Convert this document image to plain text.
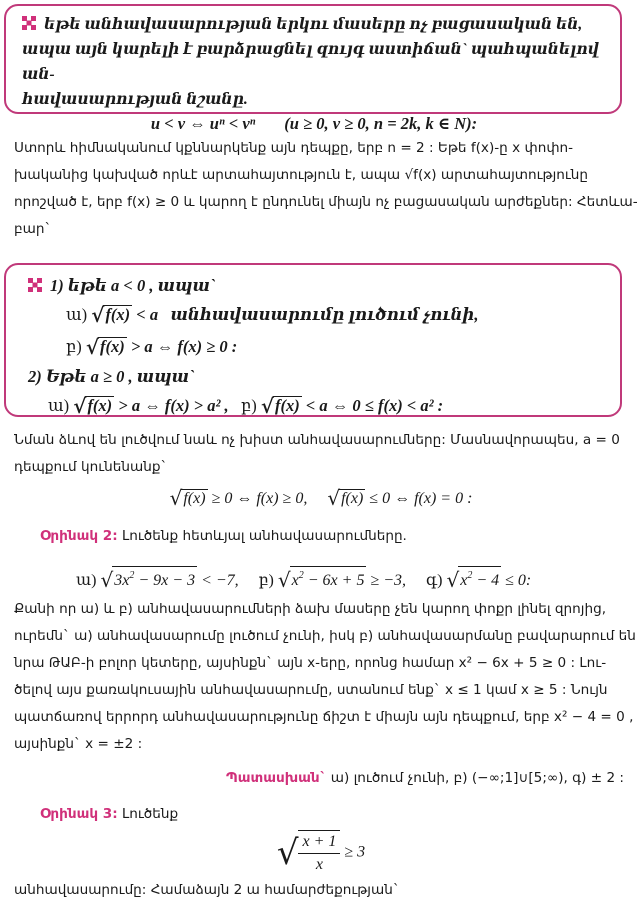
եթե անհավասարության երկու մասերը ոչ բացասական են,
ապա այն կարելի է բարձրացնել զույգ աստիճան` պահպանելով ան-
հավասարության նշանը.
u < v ⇔ uⁿ < vⁿ (u ≥ 0, v ≥ 0, n = 2k, k ∈ N):
Ստորև հիմնականում կքննարկենք այն դեպքը, երբ n = 2 : Եթե f(x)-ը x փոփո-
խականից կախված որևէ արտահայտություն է, ապա √f(x) արտահայտությունը
որոշված է, երբ f(x) ≥ 0 և կարող է ընդունել միայն ոչ բացասական արժեքներ: Հետևա-
բար`
1) եթե a < 0 , ապա`
ա) √f(x) < a   անհավասարումը լուծում չունի,
բ) √f(x) > a ⇔ f(x) ≥ 0 :
2) Եթե a ≥ 0 , ապա`
ա) √f(x) > a ⇔ f(x) > a² , բ) √f(x) < a ⇔ 0 ≤ f(x) < a² :
Նման ձևով են լուծվում նաև ոչ խիստ անհավասարումները: Մասնավորապես, a = 0
դեպքում կունենանք`
√f(x) ≥ 0 ⇔ f(x) ≥ 0, √f(x) ≤ 0 ⇔ f(x) = 0 :
Օրինակ 2: Լուծենք հետևյալ անհավասարումները.
ա) $√3x^2 - 9x - 3 < -7$, բ) $√x^2 - 6x + 5 \ge -3$, գ) $√x^2 - 4 \le 0$:
Քանի որ ա) և բ) անհավասարումների ձախ մասերը չեն կարող փոքր լինել զրոյից,
ուրեմն` ա) անհավասարումը լուծում չունի, իսկ բ) անհավասարմանը բավարարում են
նրա ԹԱԲ-ի բոլոր կետերը, այսինքն` այն x-երը, որոնց համար x² − 6x + 5 ≥ 0 : Լու-
ծելով այս քառակուսային անհավասարումը, ստանում ենք` x ≤ 1 կամ x ≥ 5 : Նույն
պատճառով երրորդ անհավասարությունը ճիշտ է միայն այն դեպքում, երբ x² − 4 = 0 ,
այսինքն` x = ±2 :
Պատասխան` ա) լուծում չունի, բ) (−∞;1]∪[5;∞), գ) ± 2 :
Օրինակ 3: Լուծենք
√ $\frac{x + 1}{x} \ge 3$
անհավասարումը: Համաձայն 2 ա համարժեքության`
